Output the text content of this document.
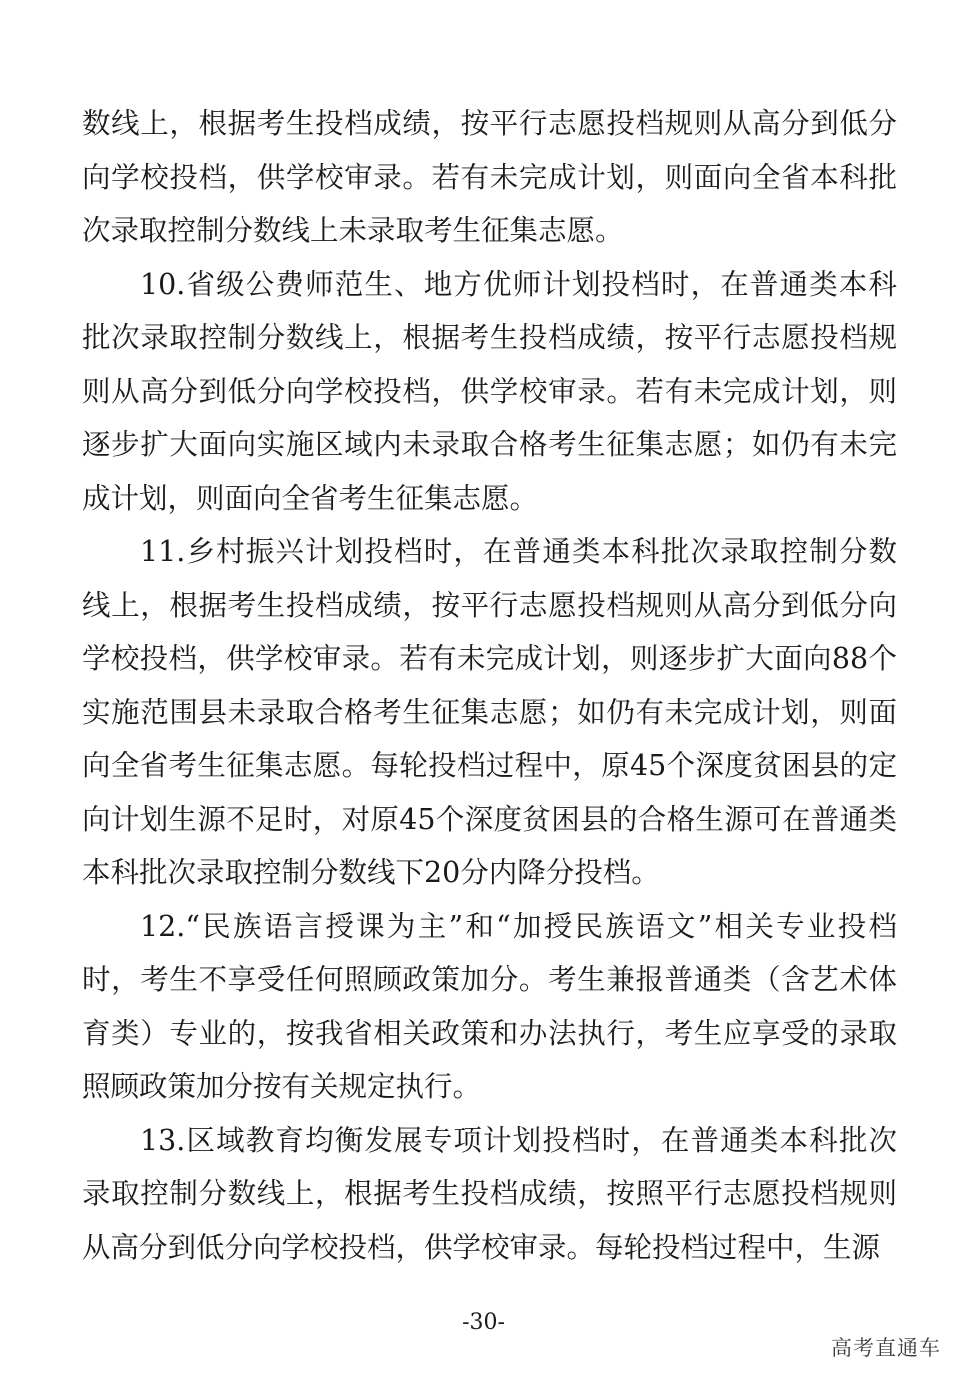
数线上，根据考生投档成绩，按平行志愿投档规则从高分到低分向学校投档，供学校审录。若有未完成计划，则面向全省本科批次录取控制分数线上未录取考生征集志愿。

10.省级公费师范生、地方优师计划投档时，在普通类本科批次录取控制分数线上，根据考生投档成绩，按平行志愿投档规则从高分到低分向学校投档，供学校审录。若有未完成计划，则逐步扩大面向实施区域内未录取合格考生征集志愿；如仍有未完成计划，则面向全省考生征集志愿。

11.乡村振兴计划投档时，在普通类本科批次录取控制分数线上，根据考生投档成绩，按平行志愿投档规则从高分到低分向学校投档，供学校审录。若有未完成计划，则逐步扩大面向88个实施范围县未录取合格考生征集志愿；如仍有未完成计划，则面向全省考生征集志愿。每轮投档过程中，原45个深度贫困县的定向计划生源不足时，对原45个深度贫困县的合格生源可在普通类本科批次录取控制分数线下20分内降分投档。

12.“民族语言授课为主”和“加授民族语文”相关专业投档时，考生不享受任何照顾政策加分。考生兼报普通类（含艺术体育类）专业的，按我省相关政策和办法执行，考生应享受的录取照顾政策加分按有关规定执行。

13.区域教育均衡发展专项计划投档时，在普通类本科批次录取控制分数线上，根据考生投档成绩，按照平行志愿投档规则从高分到低分向学校投档，供学校审录。每轮投档过程中，生源

-30-
高考直通车
